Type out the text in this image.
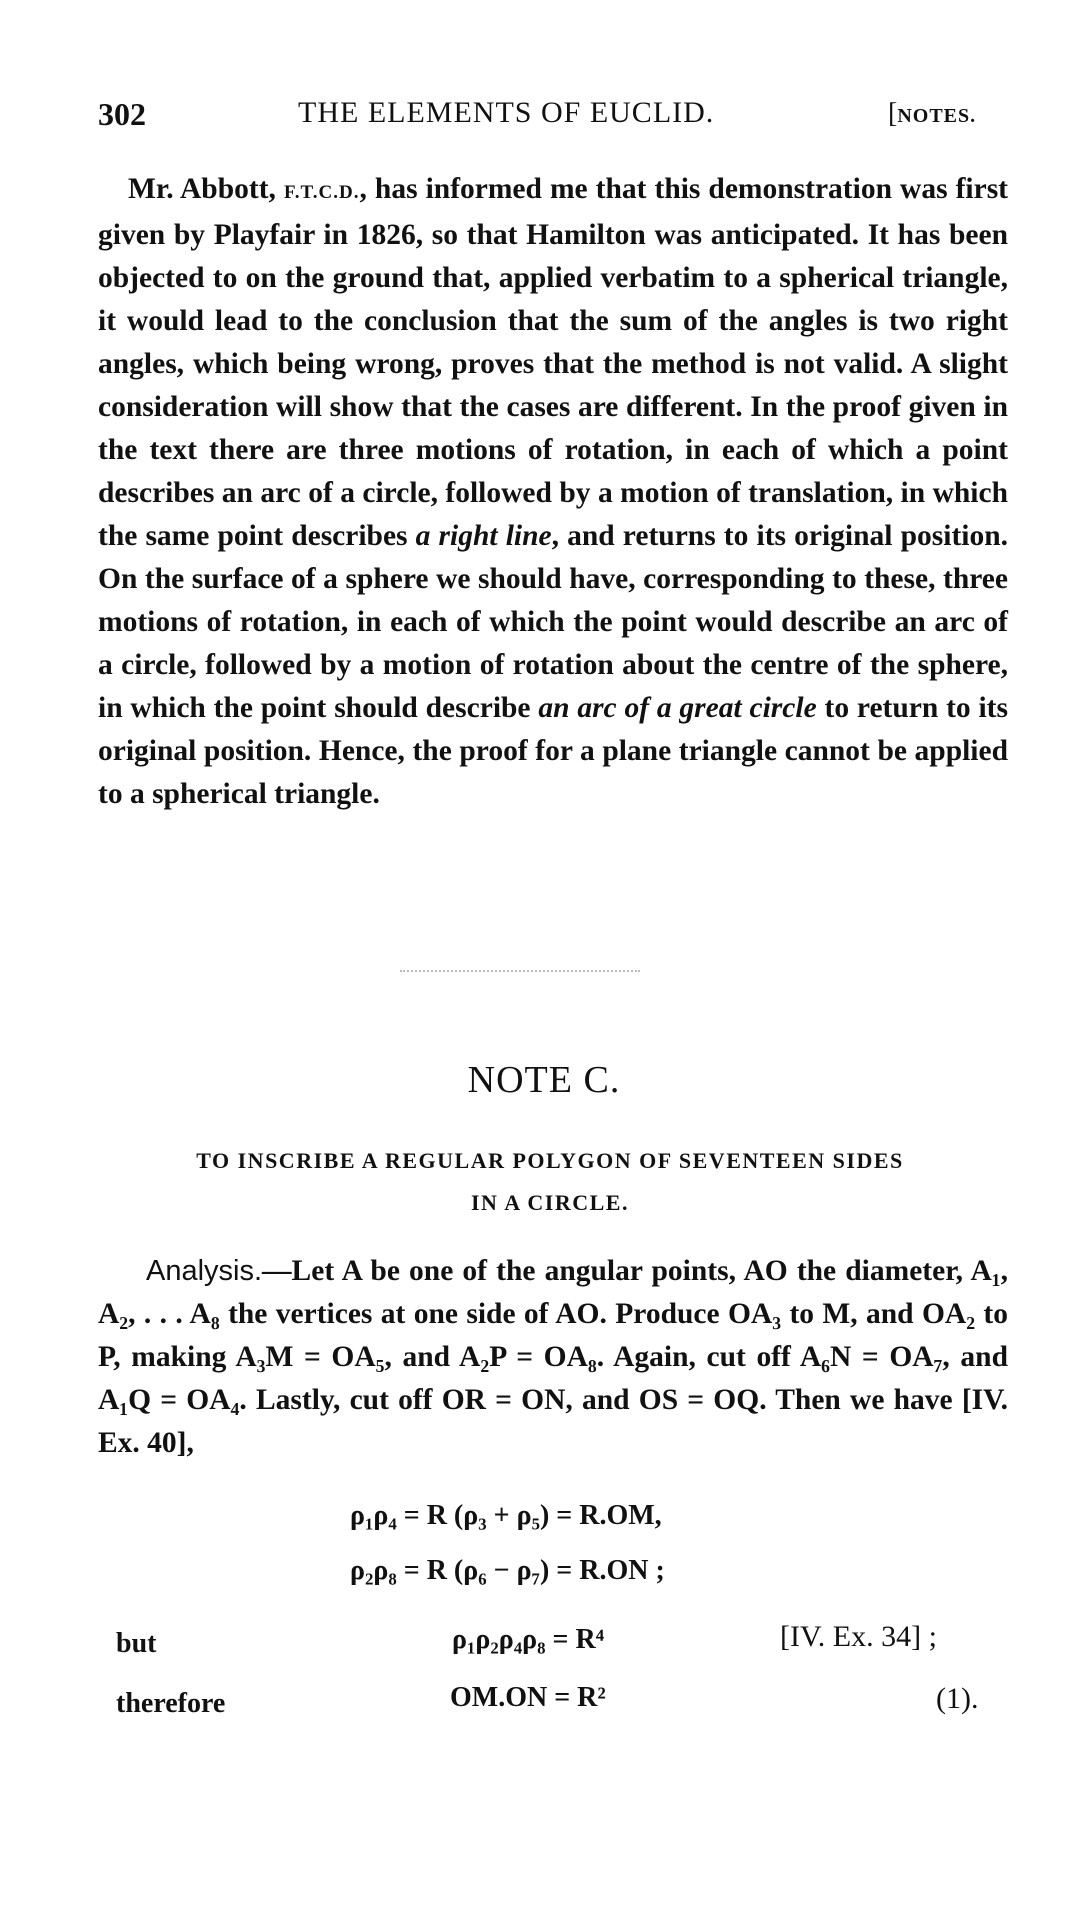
302	THE ELEMENTS OF EUCLID.	[NOTES.

Mr. Abbott, F.T.C.D., has informed me that this demonstration was first given by Playfair in 1826, so that Hamilton was anticipated. It has been objected to on the ground that, applied verbatim to a spherical triangle, it would lead to the conclusion that the sum of the angles is two right angles, which being wrong, proves that the method is not valid. A slight consideration will show that the cases are different. In the proof given in the text there are three motions of rotation, in each of which a point describes an arc of a circle, followed by a motion of translation, in which the same point describes a right line, and returns to its original position. On the surface of a sphere we should have, corresponding to these, three motions of rotation, in each of which the point would describe an arc of a circle, followed by a motion of rotation about the centre of the sphere, in which the point should describe an arc of a great circle to return to its original position. Hence, the proof for a plane triangle cannot be applied to a spherical triangle.

NOTE C.
TO INSCRIBE A REGULAR POLYGON OF SEVENTEEN SIDES
IN A CIRCLE.

Analysis.—Let A be one of the angular points, AO the diameter, A₁, A₂, . . . A₈ the vertices at one side of AO. Produce OA₃ to M, and OA₂ to P, making A₃M = OA₅, and A₂P = OA₈. Again, cut off A₆N = OA₇, and A₁Q = OA₄. Lastly, cut off OR = ON, and OS = OQ. Then we have [IV. Ex. 40],

ρ₁ρ₄ = R (ρ₃ + ρ₅) = R.OM,
ρ₂ρ₈ = R (ρ₆ − ρ₇) = R.ON ;
but	ρ₁ρ₂ρ₄ρ₈ = R⁴	[IV. Ex. 34] ;
therefore	OM.ON = R²	(1).
